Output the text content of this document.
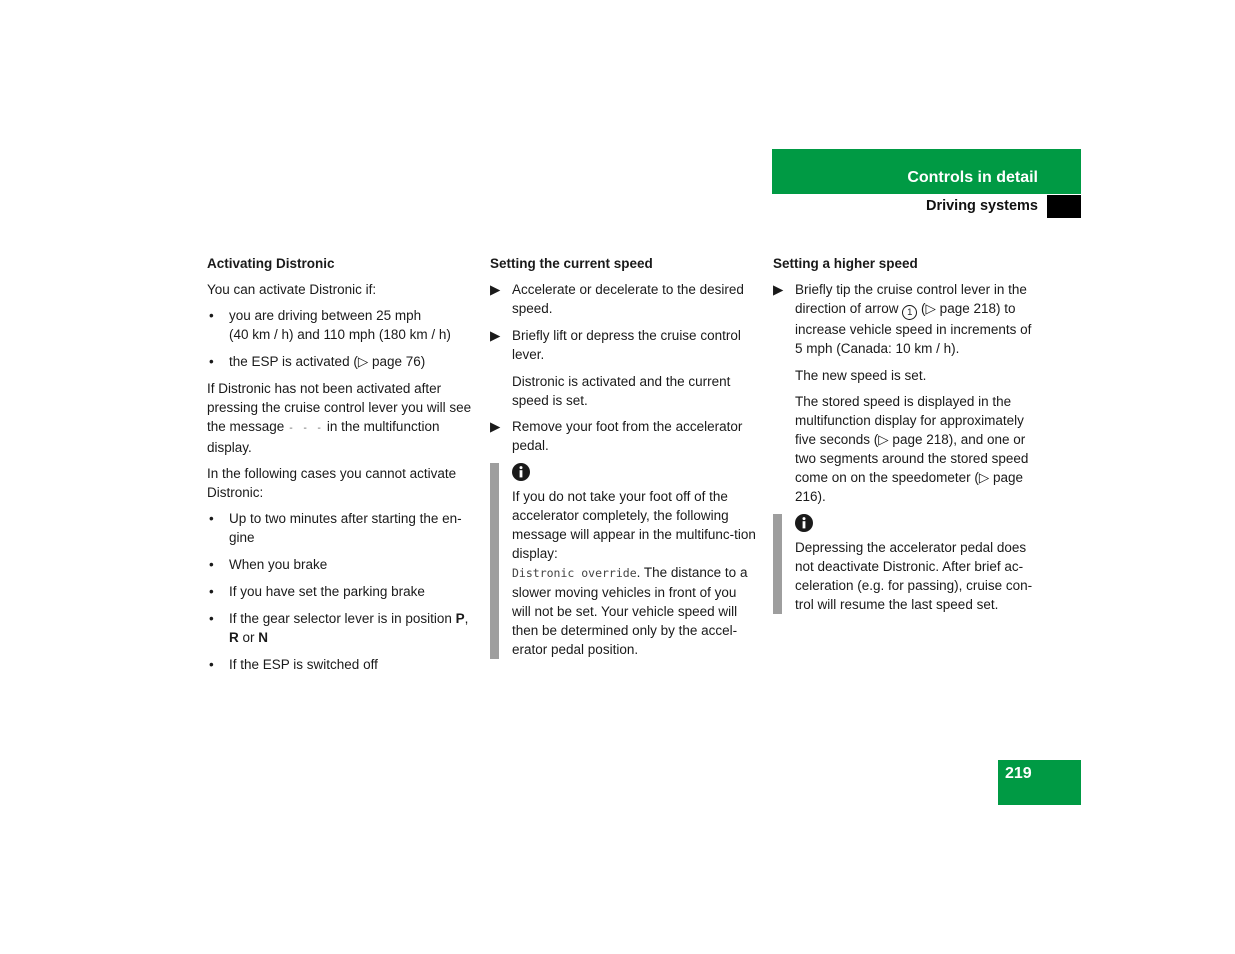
Controls in detail
Driving systems
Activating Distronic

You can activate Distronic if:

• you are driving between 25 mph
(40 km / h) and 110 mph (180 km / h)
• the ESP is activated (▷ page 76)

If Distronic has not been activated after pressing the cruise control lever you will see the message - - - in the multifunction display.

In the following cases you cannot activate Distronic:

• Up to two minutes after starting the en-gine
• When you brake
• If you have set the parking brake
• If the gear selector lever is in position P, R or N
• If the ESP is switched off
Setting the current speed
▶ Accelerate or decelerate to the desired speed.
▶ Briefly lift or depress the cruise control lever.

Distronic is activated and the current speed is set.

▶ Remove your foot from the accelerator pedal.
If you do not take your foot off of the accelerator completely, the following message will appear in the multifunc-tion display:
Distronic override. The distance to a slower moving vehicles in front of you will not be set. Your vehicle speed will then be determined only by the accel-erator pedal position.
Setting a higher speed
▶ Briefly tip the cruise control lever in the direction of arrow 1 (▷ page 218) to increase vehicle speed in increments of 5 mph (Canada: 10 km / h).

The new speed is set.

The stored speed is displayed in the multifunction display for approximately five seconds (▷ page 218), and one or two segments around the stored speed come on on the speedometer (▷ page 216).

Depressing the accelerator pedal does not deactivate Distronic. After brief ac-celeration (e.g. for passing), cruise con-trol will resume the last speed set.
219
